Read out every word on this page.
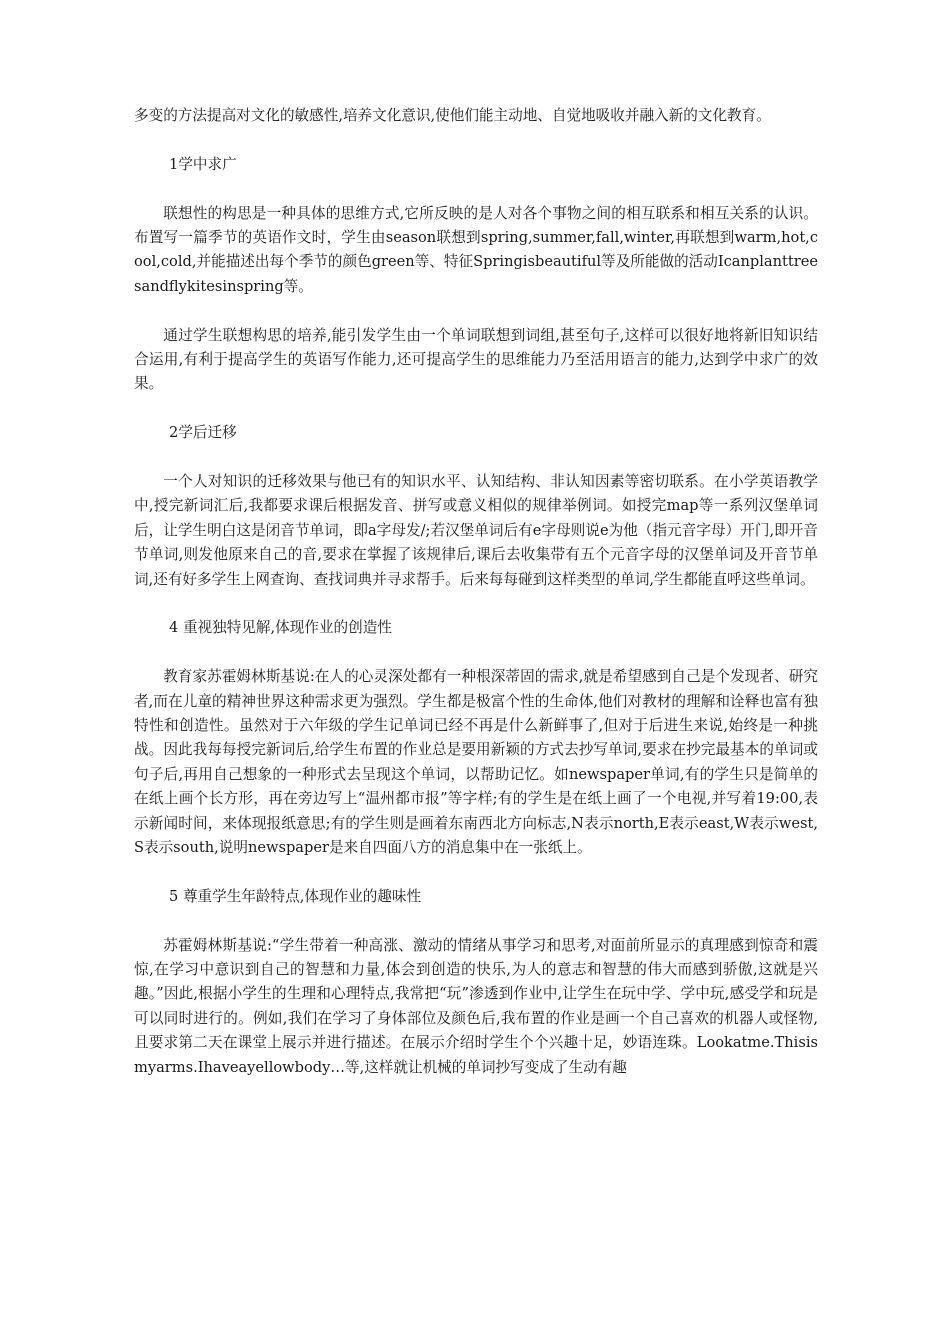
多变的方法提高对文化的敏感性,培养文化意识,使他们能主动地、自觉地吸收并融入新的文化教育。

1学中求广

联想性的构思是一种具体的思维方式,它所反映的是人对各个事物之间的相互联系和相互关系的认识。布置写一篇季节的英语作文时，学生由season联想到spring,summer,fall,winter,再联想到warm,hot,cool,cold,并能描述出每个季节的颜色green等、特征Springisbeautiful等及所能做的活动Icanplanttreesandflykitesinspring等。

通过学生联想构思的培养,能引发学生由一个单词联想到词组,甚至句子,这样可以很好地将新旧知识结合运用,有利于提高学生的英语写作能力,还可提高学生的思维能力乃至活用语言的能力,达到学中求广的效果。

2学后迁移

一个人对知识的迁移效果与他已有的知识水平、认知结构、非认知因素等密切联系。在小学英语教学中,授完新词汇后,我都要求课后根据发音、拼写或意义相似的规律举例词。如授完map等一系列汉堡单词后，让学生明白这是闭音节单词，即a字母发/;若汉堡单词后有e字母则说e为他（指元音字母）开门,即开音节单词,则发他原来自己的音,要求在掌握了该规律后,课后去收集带有五个元音字母的汉堡单词及开音节单词,还有好多学生上网查询、查找词典并寻求帮手。后来每每碰到这样类型的单词,学生都能直呼这些单词。

4 重视独特见解,体现作业的创造性

教育家苏霍姆林斯基说:在人的心灵深处都有一种根深蒂固的需求,就是希望感到自己是个发现者、研究者,而在儿童的精神世界这种需求更为强烈。学生都是极富个性的生命体,他们对教材的理解和诠释也富有独特性和创造性。虽然对于六年级的学生记单词已经不再是什么新鲜事了,但对于后进生来说,始终是一种挑战。因此我每每授完新词后,给学生布置的作业总是要用新颖的方式去抄写单词,要求在抄完最基本的单词或句子后,再用自己想象的一种形式去呈现这个单词，以帮助记忆。如newspaper单词,有的学生只是简单的在纸上画个长方形，再在旁边写上“温州都市报”等字样;有的学生是在纸上画了一个电视,并写着19:00,表示新闻时间，来体现报纸意思;有的学生则是画着东南西北方向标志,N表示north,E表示east,W表示west,S表示south,说明newspaper是来自四面八方的消息集中在一张纸上。

5 尊重学生年龄特点,体现作业的趣味性

苏霍姆林斯基说:“学生带着一种高涨、激动的情绪从事学习和思考,对面前所显示的真理感到惊奇和震惊,在学习中意识到自己的智慧和力量,体会到创造的快乐,为人的意志和智慧的伟大而感到骄傲,这就是兴趣。”因此,根据小学生的生理和心理特点,我常把“玩”渗透到作业中,让学生在玩中学、学中玩,感受学和玩是可以同时进行的。例如,我们在学习了身体部位及颜色后,我布置的作业是画一个自己喜欢的机器人或怪物,且要求第二天在课堂上展示并进行描述。在展示介绍时学生个个兴趣十足，妙语连珠。Lookatme.Thisismyarms.Ihaveayellowbody…等,这样就让机械的单词抄写变成了生动有趣
